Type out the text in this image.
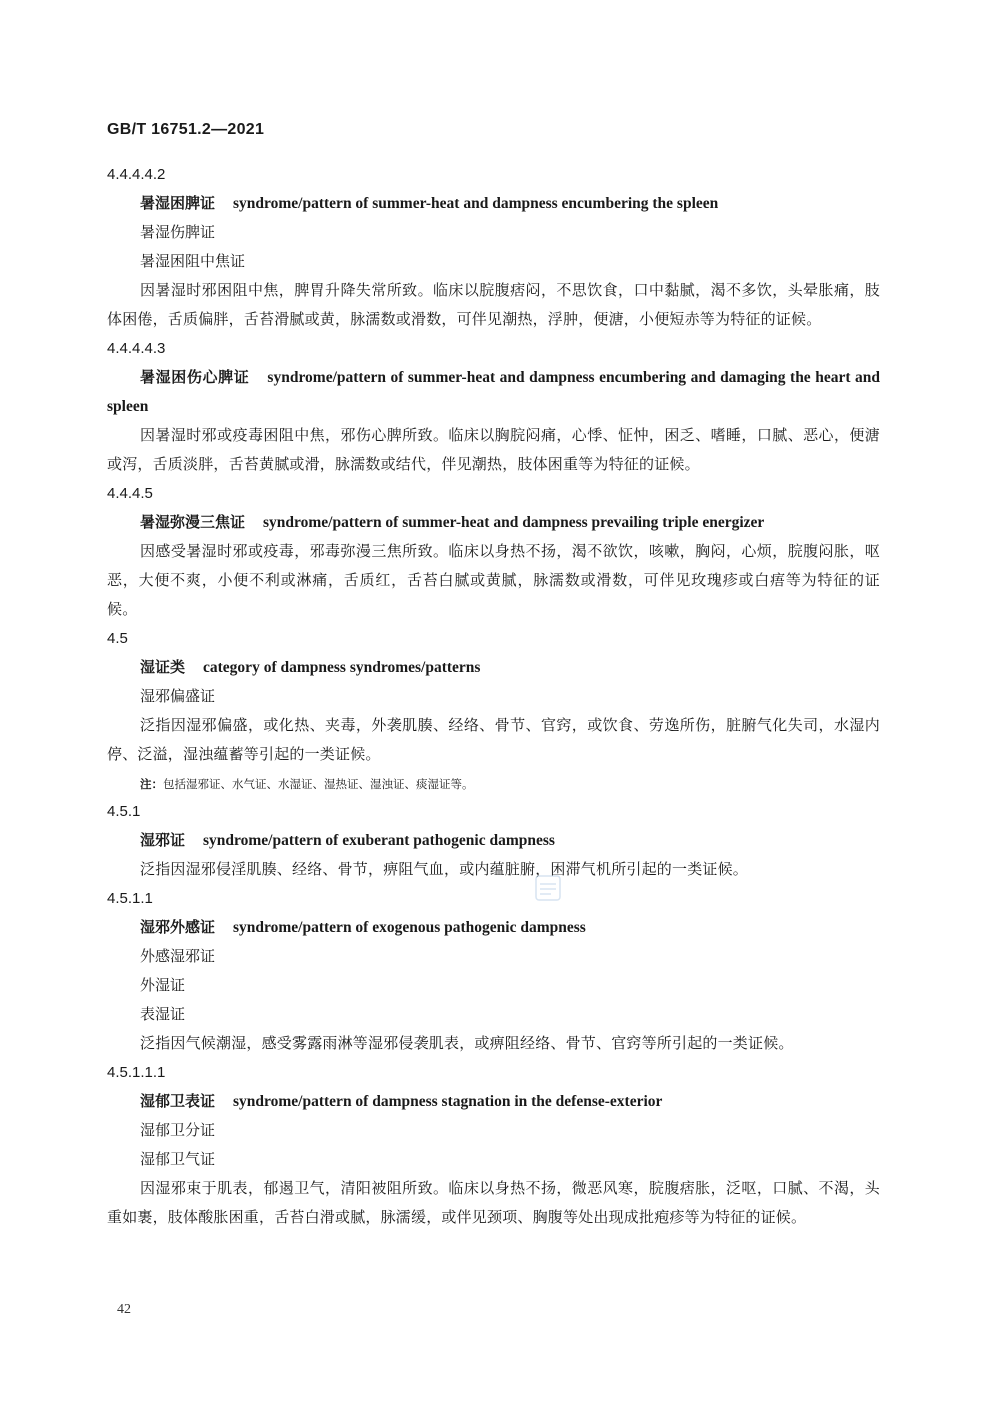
GB/T 16751.2—2021

4.4.4.4.2

暑湿困脾证 syndrome/pattern of summer-heat and dampness encumbering the spleen

暑湿伤脾证

暑湿困阻中焦证

因暑湿时邪困阻中焦，脾胃升降失常所致。临床以脘腹痞闷，不思饮食，口中黏腻，渴不多饮，头晕胀痛，肢体困倦，舌质偏胖，舌苔滑腻或黄，脉濡数或滑数，可伴见潮热，浮肿，便溏，小便短赤等为特征的证候。

4.4.4.4.3

暑湿困伤心脾证 syndrome/pattern of summer-heat and dampness encumbering and damaging the heart and spleen

因暑湿时邪或疫毒困阻中焦，邪伤心脾所致。临床以胸脘闷痛，心悸、怔忡，困乏、嗜睡，口腻、恶心，便溏或泻，舌质淡胖，舌苔黄腻或滑，脉濡数或结代，伴见潮热，肢体困重等为特征的证候。

4.4.4.5

暑湿弥漫三焦证 syndrome/pattern of summer-heat and dampness prevailing triple energizer

因感受暑湿时邪或疫毒，邪毒弥漫三焦所致。临床以身热不扬，渴不欲饮，咳嗽，胸闷，心烦，脘腹闷胀，呕恶，大便不爽，小便不利或淋痛，舌质红，舌苔白腻或黄腻，脉濡数或滑数，可伴见玫瑰疹或白痦等为特征的证候。

4.5

湿证类 category of dampness syndromes/patterns

湿邪偏盛证

泛指因湿邪偏盛，或化热、夹毒，外袭肌腠、经络、骨节、官窍，或饮食、劳逸所伤，脏腑气化失司，水湿内停、泛溢，湿浊蕴蓄等引起的一类证候。

注：包括湿邪证、水气证、水湿证、湿热证、湿浊证、痰湿证等。

4.5.1

湿邪证 syndrome/pattern of exuberant pathogenic dampness

泛指因湿邪侵淫肌腠、经络、骨节，痹阻气血，或内蕴脏腑，困滞气机所引起的一类证候。

4.5.1.1

湿邪外感证 syndrome/pattern of exogenous pathogenic dampness

外感湿邪证

外湿证

表湿证

泛指因气候潮湿，感受雾露雨淋等湿邪侵袭肌表，或痹阻经络、骨节、官窍等所引起的一类证候。

4.5.1.1.1

湿郁卫表证 syndrome/pattern of dampness stagnation in the defense-exterior

湿郁卫分证

湿郁卫气证

因湿邪束于肌表，郁遏卫气，清阳被阻所致。临床以身热不扬，微恶风寒，脘腹痞胀，泛呕，口腻、不渴，头重如裹，肢体酸胀困重，舌苔白滑或腻，脉濡缓，或伴见颈项、胸腹等处出现成批疱疹等为特征的证候。

42
